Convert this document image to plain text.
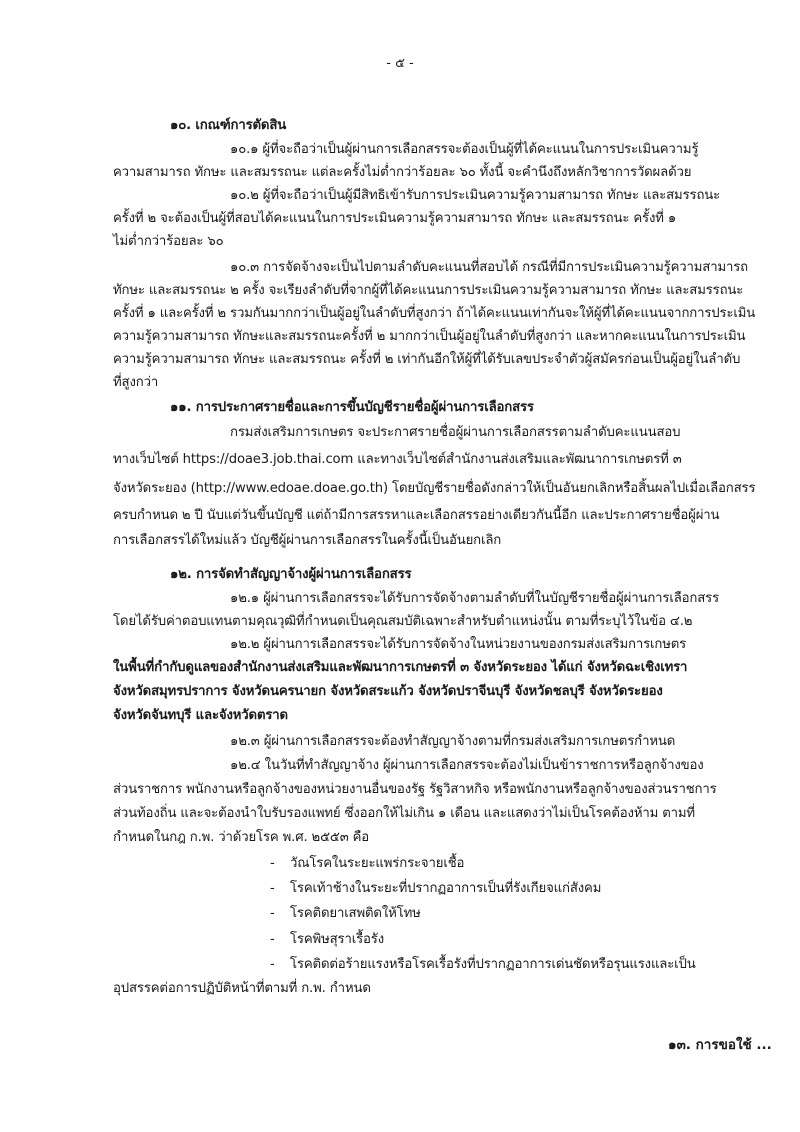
- ๕ -
๑๐. เกณฑ์การตัดสิน
๑๐.๑ ผู้ที่จะถือว่าเป็นผู้ผ่านการเลือกสรรจะต้องเป็นผู้ที่ได้คะแนนในการประเมินความรู้
ความสามารถ ทักษะ และสมรรถนะ แต่ละครั้งไม่ต่ำกว่าร้อยละ ๖๐ ทั้งนี้ จะคำนึงถึงหลักวิชาการวัดผลด้วย
๑๐.๒ ผู้ที่จะถือว่าเป็นผู้มีสิทธิเข้ารับการประเมินความรู้ความสามารถ ทักษะ และสมรรถนะ
ครั้งที่ ๒ จะต้องเป็นผู้ที่สอบได้คะแนนในการประเมินความรู้ความสามารถ ทักษะ และสมรรถนะ ครั้งที่ ๑
ไม่ต่ำกว่าร้อยละ ๖๐
๑๐.๓ การจัดจ้างจะเป็นไปตามลำดับคะแนนที่สอบได้ กรณีที่มีการประเมินความรู้ความสามารถ
ทักษะ และสมรรถนะ ๒ ครั้ง จะเรียงลำดับที่จากผู้ที่ได้คะแนนการประเมินความรู้ความสามารถ ทักษะ และสมรรถนะ
ครั้งที่ ๑ และครั้งที่ ๒ รวมกันมากกว่าเป็นผู้อยู่ในลำดับที่สูงกว่า ถ้าได้คะแนนเท่ากันจะให้ผู้ที่ได้คะแนนจากการประเมิน
ความรู้ความสามารถ ทักษะและสมรรถนะครั้งที่ ๒ มากกว่าเป็นผู้อยู่ในลำดับที่สูงกว่า และหากคะแนนในการประเมิน
ความรู้ความสามารถ ทักษะ และสมรรถนะ ครั้งที่ ๒ เท่ากันอีกให้ผู้ที่ได้รับเลขประจำตัวผู้สมัครก่อนเป็นผู้อยู่ในลำดับ
ที่สูงกว่า
๑๑. การประกาศรายชื่อและการขึ้นบัญชีรายชื่อผู้ผ่านการเลือกสรร
กรมส่งเสริมการเกษตร จะประกาศรายชื่อผู้ผ่านการเลือกสรรตามลำดับคะแนนสอบ
ทางเว็บไซต์ https://doae3.job.thai.com และทางเว็บไซต์สำนักงานส่งเสริมและพัฒนาการเกษตรที่ ๓
จังหวัดระยอง (http://www.edoae.doae.go.th) โดยบัญชีรายชื่อดังกล่าวให้เป็นอันยกเลิกหรือสิ้นผลไปเมื่อเลือกสรร
ครบกำหนด ๒ ปี นับแต่วันขึ้นบัญชี แต่ถ้ามีการสรรหาและเลือกสรรอย่างเดียวกันนี้อีก และประกาศรายชื่อผู้ผ่าน
การเลือกสรรได้ใหม่แล้ว บัญชีผู้ผ่านการเลือกสรรในครั้งนี้เป็นอันยกเลิก
๑๒. การจัดทำสัญญาจ้างผู้ผ่านการเลือกสรร
๑๒.๑ ผู้ผ่านการเลือกสรรจะได้รับการจัดจ้างตามลำดับที่ในบัญชีรายชื่อผู้ผ่านการเลือกสรร
โดยได้รับค่าตอบแทนตามคุณวุฒิที่กำหนดเป็นคุณสมบัติเฉพาะสำหรับตำแหน่งนั้น ตามที่ระบุไว้ในข้อ ๔.๒
๑๒.๒ ผู้ผ่านการเลือกสรรจะได้รับการจัดจ้างในหน่วยงานของกรมส่งเสริมการเกษตร
ในพื้นที่กำกับดูแลของสำนักงานส่งเสริมและพัฒนาการเกษตรที่ ๓ จังหวัดระยอง ได้แก่ จังหวัดฉะเชิงเทรา
จังหวัดสมุทรปราการ จังหวัดนครนายก จังหวัดสระแก้ว จังหวัดปราจีนบุรี จังหวัดชลบุรี จังหวัดระยอง
จังหวัดจันทบุรี และจังหวัดตราด
๑๒.๓ ผู้ผ่านการเลือกสรรจะต้องทำสัญญาจ้างตามที่กรมส่งเสริมการเกษตรกำหนด
๑๒.๔ ในวันที่ทำสัญญาจ้าง ผู้ผ่านการเลือกสรรจะต้องไม่เป็นข้าราชการหรือลูกจ้างของ
ส่วนราชการ พนักงานหรือลูกจ้างของหน่วยงานอื่นของรัฐ รัฐวิสาหกิจ หรือพนักงานหรือลูกจ้างของส่วนราชการ
ส่วนท้องถิ่น และจะต้องนำใบรับรองแพทย์ ซึ่งออกให้ไม่เกิน ๑ เดือน และแสดงว่าไม่เป็นโรคต้องห้าม ตามที่
กำหนดในกฎ ก.พ. ว่าด้วยโรค พ.ศ. ๒๕๕๓ คือ
- วัณโรคในระยะแพร่กระจายเชื้อ
- โรคเท้าช้างในระยะที่ปรากฏอาการเป็นที่รังเกียจแก่สังคม
- โรคติดยาเสพติดให้โทษ
- โรคพิษสุราเรื้อรัง
- โรคติดต่อร้ายแรงหรือโรคเรื้อรังที่ปรากฏอาการเด่นชัดหรือรุนแรงและเป็น
อุปสรรคต่อการปฏิบัติหน้าที่ตามที่ ก.พ. กำหนด
๑๓. การขอใช้ ...
